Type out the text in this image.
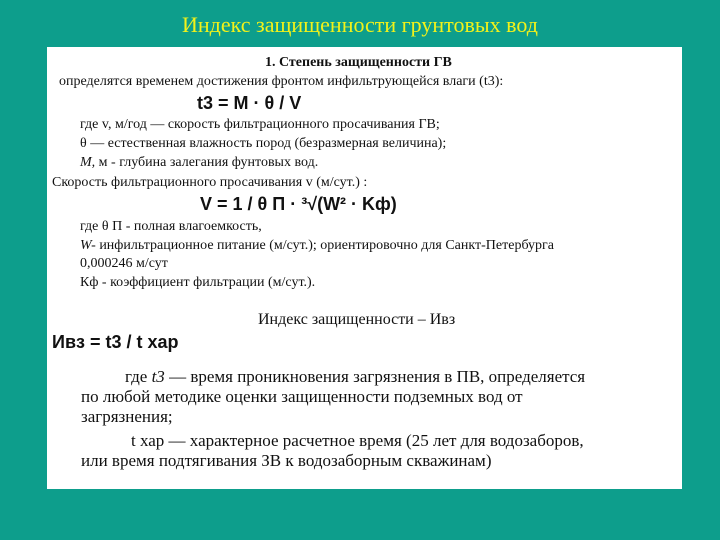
Индекс защищенности грунтовых вод
1. Степень защищенности ГВ
определятся временем достижения фронтом инфильтрующейся влаги (t3):
t3 = M · θ / V
где v, м/год — скорость фильтрационного просачивания ГВ;
θ — естественная влажность пород (безразмерная величина);
М, м - глубина залегания фунтовых вод.
Скорость фильтрационного просачивания v (м/сут.) :
V = 1 / θ П · ³√(W² · Kф)
где θ П - полная влагоемкость,
W- инфильтрационное питание (м/сут.); ориентировочно для Санкт-Петербурга
0,000246 м/сут
Кф - коэффициент фильтрации (м/сут.).
Индекс защищенности – Ивз
Ивз = t3 / t хар
где t3 — время проникновения загрязнения в ПВ, определяется
по любой методике оценки защищенности подземных вод от
загрязнения;
t хар — характерное расчетное время (25 лет для водозаборов,
или время подтягивания ЗВ к водозаборным скважинам)
